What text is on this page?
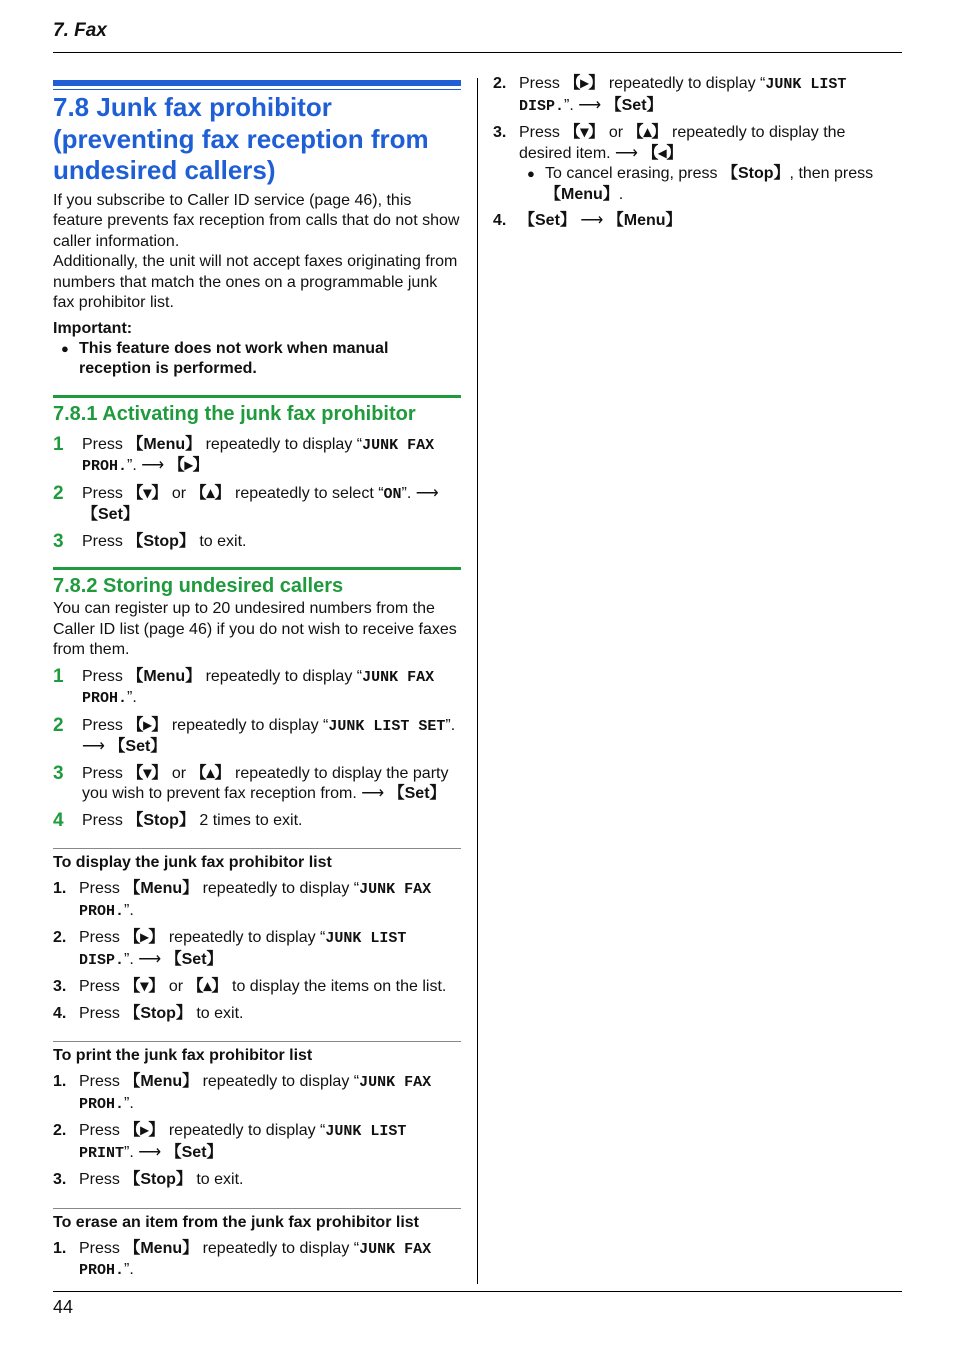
7. Fax
7.8 Junk fax prohibitor (preventing fax reception from undesired callers)

If you subscribe to Caller ID service (page 46), this feature prevents fax reception from calls that do not show caller information.

Additionally, the unit will not accept faxes originating from numbers that match the ones on a programmable junk fax prohibitor list.

Important:
● This feature does not work when manual reception is performed.
7.8.1 Activating the junk fax prohibitor
1	Press 【Menu】 repeatedly to display “JUNK FAX PROH.”. ⟶ 【▸】
2	Press 【▾】 or 【▴】 repeatedly to select “ON”. ⟶ 【Set】
3	Press 【Stop】 to exit.
7.8.2 Storing undesired callers

You can register up to 20 undesired numbers from the Caller ID list (page 46) if you do not wish to receive faxes from them.

1	Press 【Menu】 repeatedly to display “JUNK FAX PROH.”.
2	Press 【▸】 repeatedly to display “JUNK LIST SET”. ⟶ 【Set】
3	Press 【▾】 or 【▴】 repeatedly to display the party you wish to prevent fax reception from. ⟶ 【Set】
4	Press 【Stop】 2 times to exit.
To display the junk fax prohibitor list
1. Press 【Menu】 repeatedly to display “JUNK FAX PROH.”.
2. Press 【▸】 repeatedly to display “JUNK LIST DISP.”. ⟶ 【Set】
3. Press 【▾】 or 【▴】 to display the items on the list.
4. Press 【Stop】 to exit.
To print the junk fax prohibitor list
1. Press 【Menu】 repeatedly to display “JUNK FAX PROH.”.
2. Press 【▸】 repeatedly to display “JUNK LIST PRINT”. ⟶ 【Set】
3. Press 【Stop】 to exit.
To erase an item from the junk fax prohibitor list
1. Press 【Menu】 repeatedly to display “JUNK FAX PROH.”.
2. Press 【▸】 repeatedly to display “JUNK LIST DISP.”. ⟶ 【Set】
3. Press 【▾】 or 【▴】 repeatedly to display the desired item. ⟶ 【◂】
● To cancel erasing, press 【Stop】, then press 【Menu】.
4. 【Set】 ⟶ 【Menu】
44
